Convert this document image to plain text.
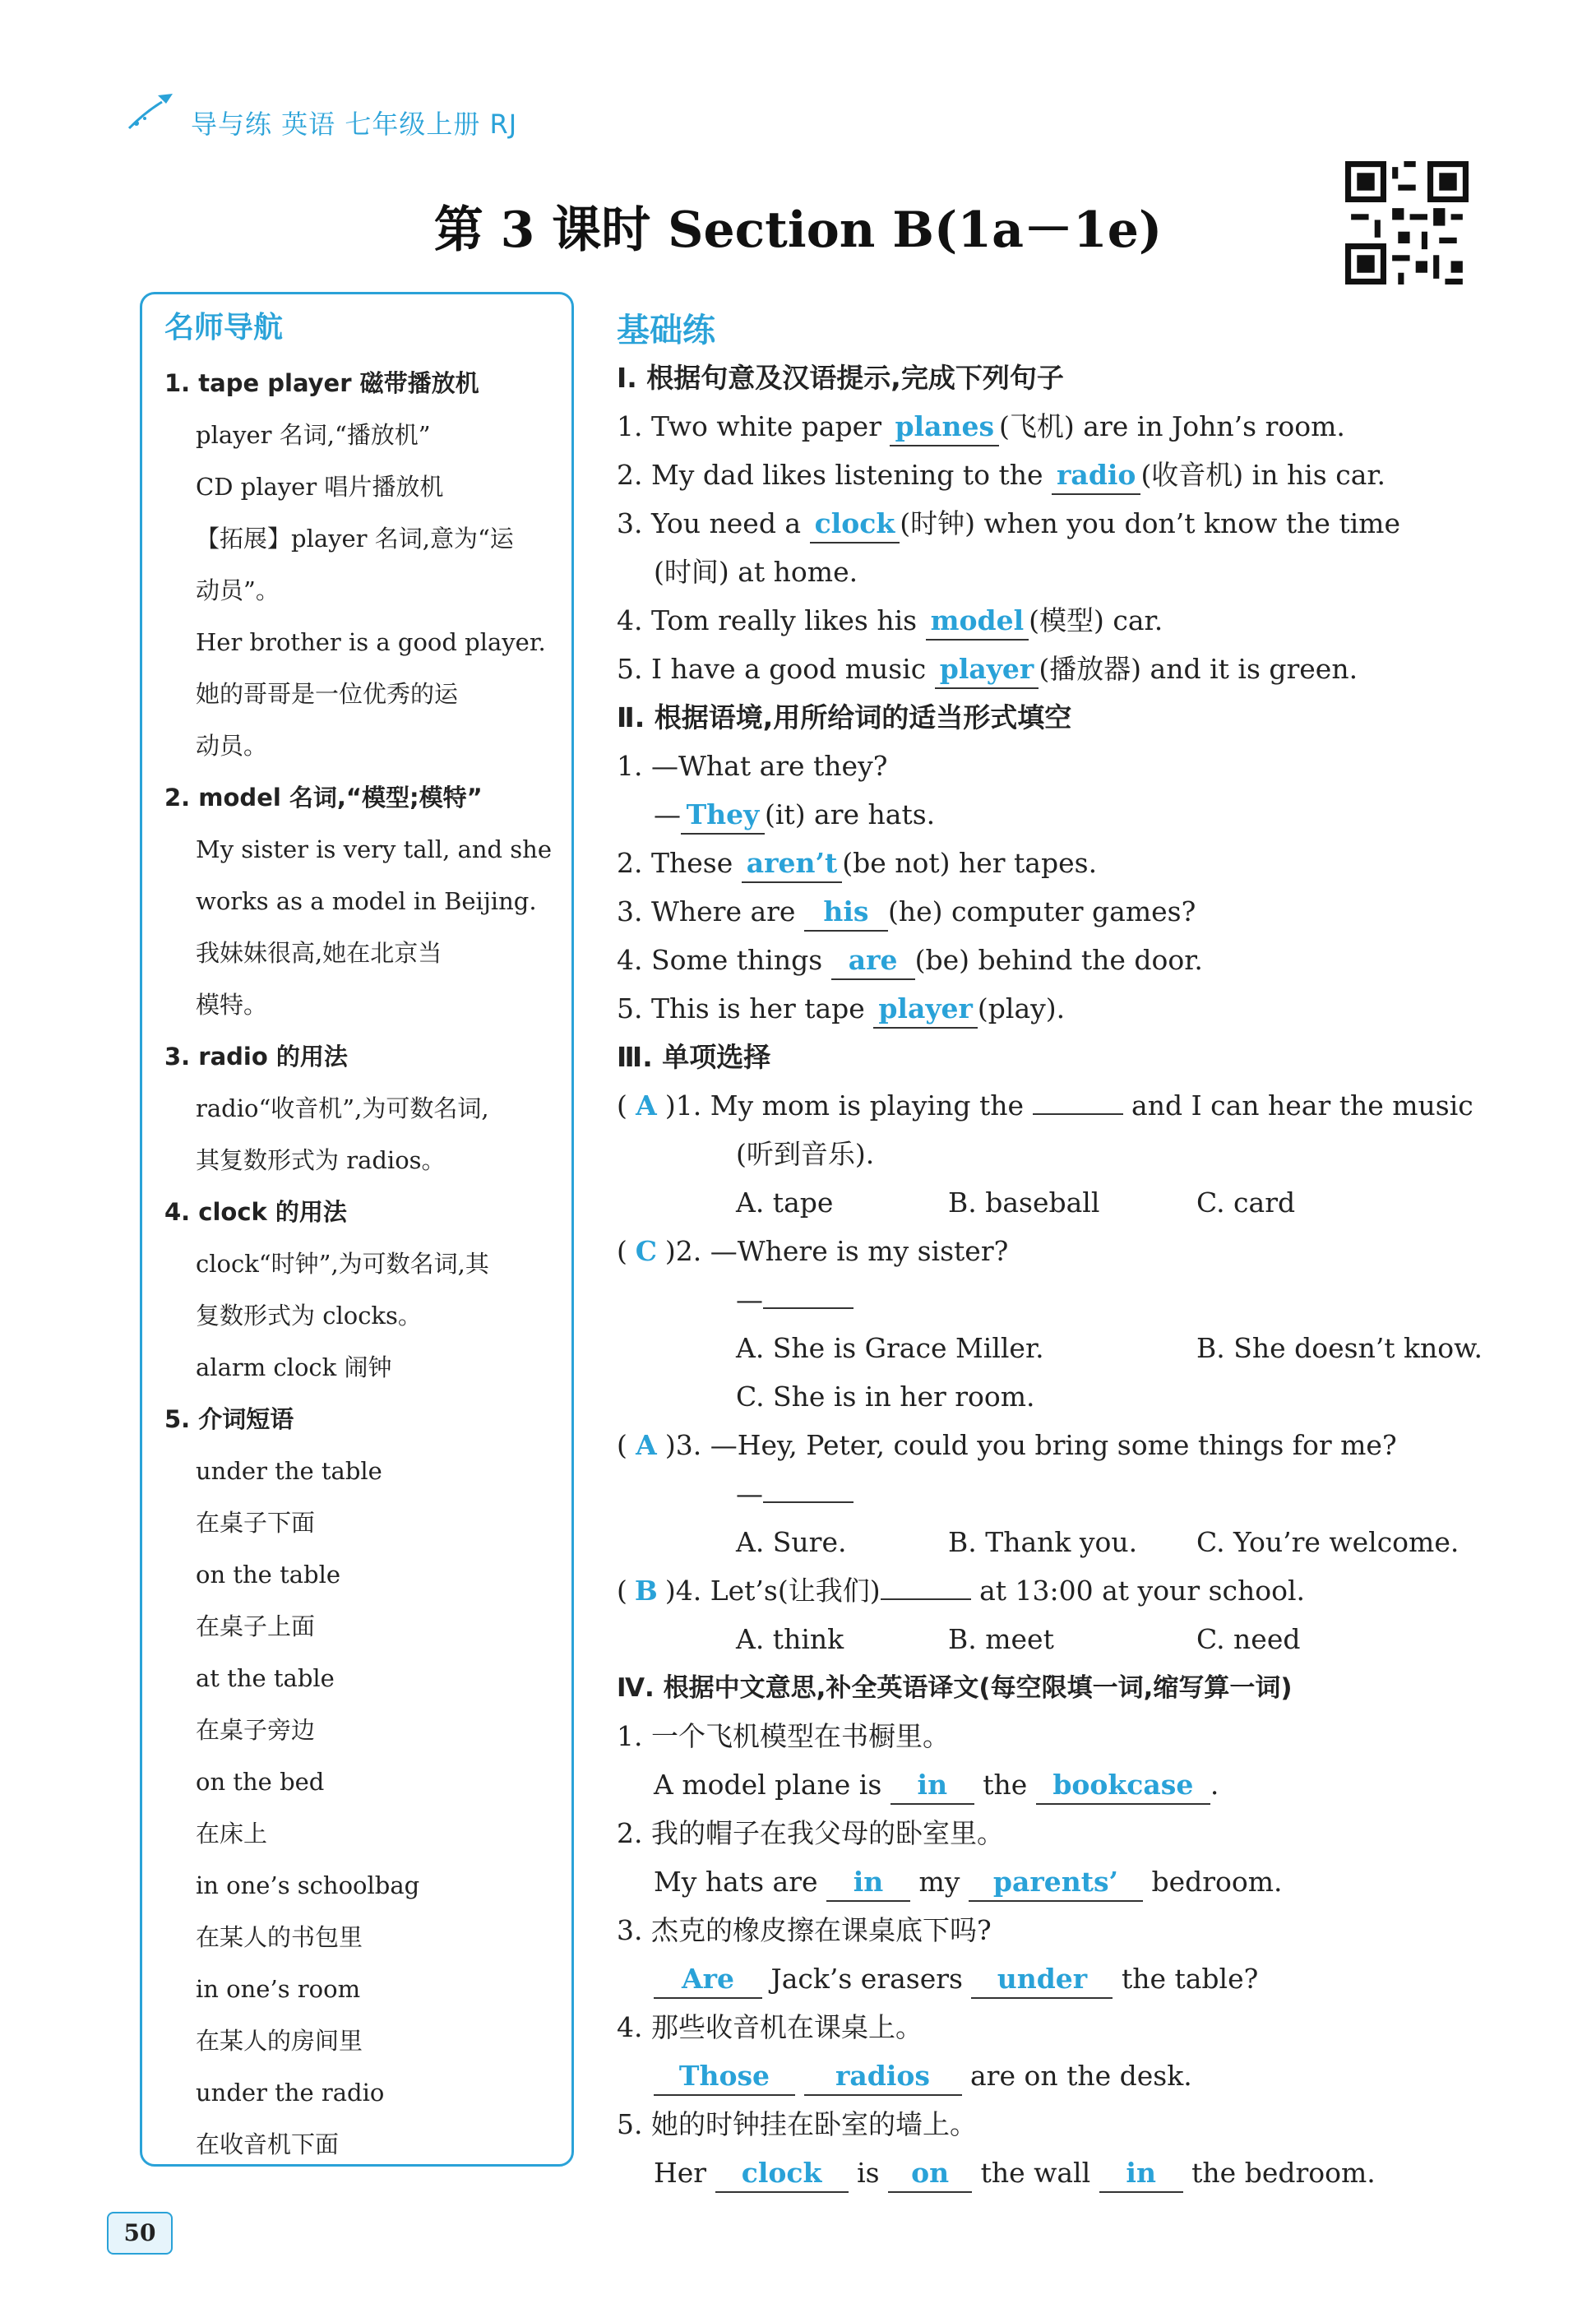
导与练 英语 七年级上册 RJ
第 3 课时 Section B(1a－1e)
名师导航
1. tape player 磁带播放机
player 名词,“播放机”
CD player 唱片播放机
【拓展】player 名词,意为“运
动员”。
Her brother is a good player.
她的哥哥是一位优秀的运
动员。
2. model 名词,“模型;模特”
My sister is very tall, and she
works as a model in Beijing.
我妹妹很高,她在北京当
模特。
3. radio 的用法
radio“收音机”,为可数名词,
其复数形式为 radios。
4. clock 的用法
clock“时钟”,为可数名词,其
复数形式为 clocks。
alarm clock 闹钟
5. 介词短语
under the table
在桌子下面
on the table
在桌子上面
at the table
在桌子旁边
on the bed
在床上
in one’s schoolbag
在某人的书包里
in one’s room
在某人的房间里
under the radio
在收音机下面
基础练
Ⅰ. 根据句意及汉语提示,完成下列句子
1. Two white paper planes (飞机) are in John’s room.
2. My dad likes listening to the radio (收音机) in his car.
3. You need a clock (时钟) when you don’t know the time
(时间) at home.
4. Tom really likes his model (模型) car.
5. I have a good music player (播放器) and it is green.
Ⅱ. 根据语境,用所给词的适当形式填空
1. —What are they?
— They (it) are hats.
2. These aren’t (be not) her tapes.
3. Where are his (he) computer games?
4. Some things are (be) behind the door.
5. This is her tape player (play).
Ⅲ. 单项选择
( A )1. My mom is playing the	and I can hear the music
(听到音乐).
A. tape	B. baseball	C. card
( C )2. —Where is my sister?
—
A. She is Grace Miller.	B. She doesn’t know.
C. She is in her room.
( A )3. —Hey, Peter, could you bring some things for me?
—
A. Sure.	B. Thank you. C. You’re welcome.
( B )4. Let’s(让我们)	at 13:00 at your school.
A. think	B. meet	C. need
Ⅳ. 根据中文意思,补全英语译文(每空限填一词,缩写算一词)
1. 一个飞机模型在书橱里。
A model plane is in the bookcase .
2. 我的帽子在我父母的卧室里。
My hats are in my parents’ bedroom.
3. 杰克的橡皮擦在课桌底下吗?
Are Jack’s erasers under the table?
4. 那些收音机在课桌上。
Those radios are on the desk.
5. 她的时钟挂在卧室的墙上。
Her clock is on the wall in the bedroom.
50
